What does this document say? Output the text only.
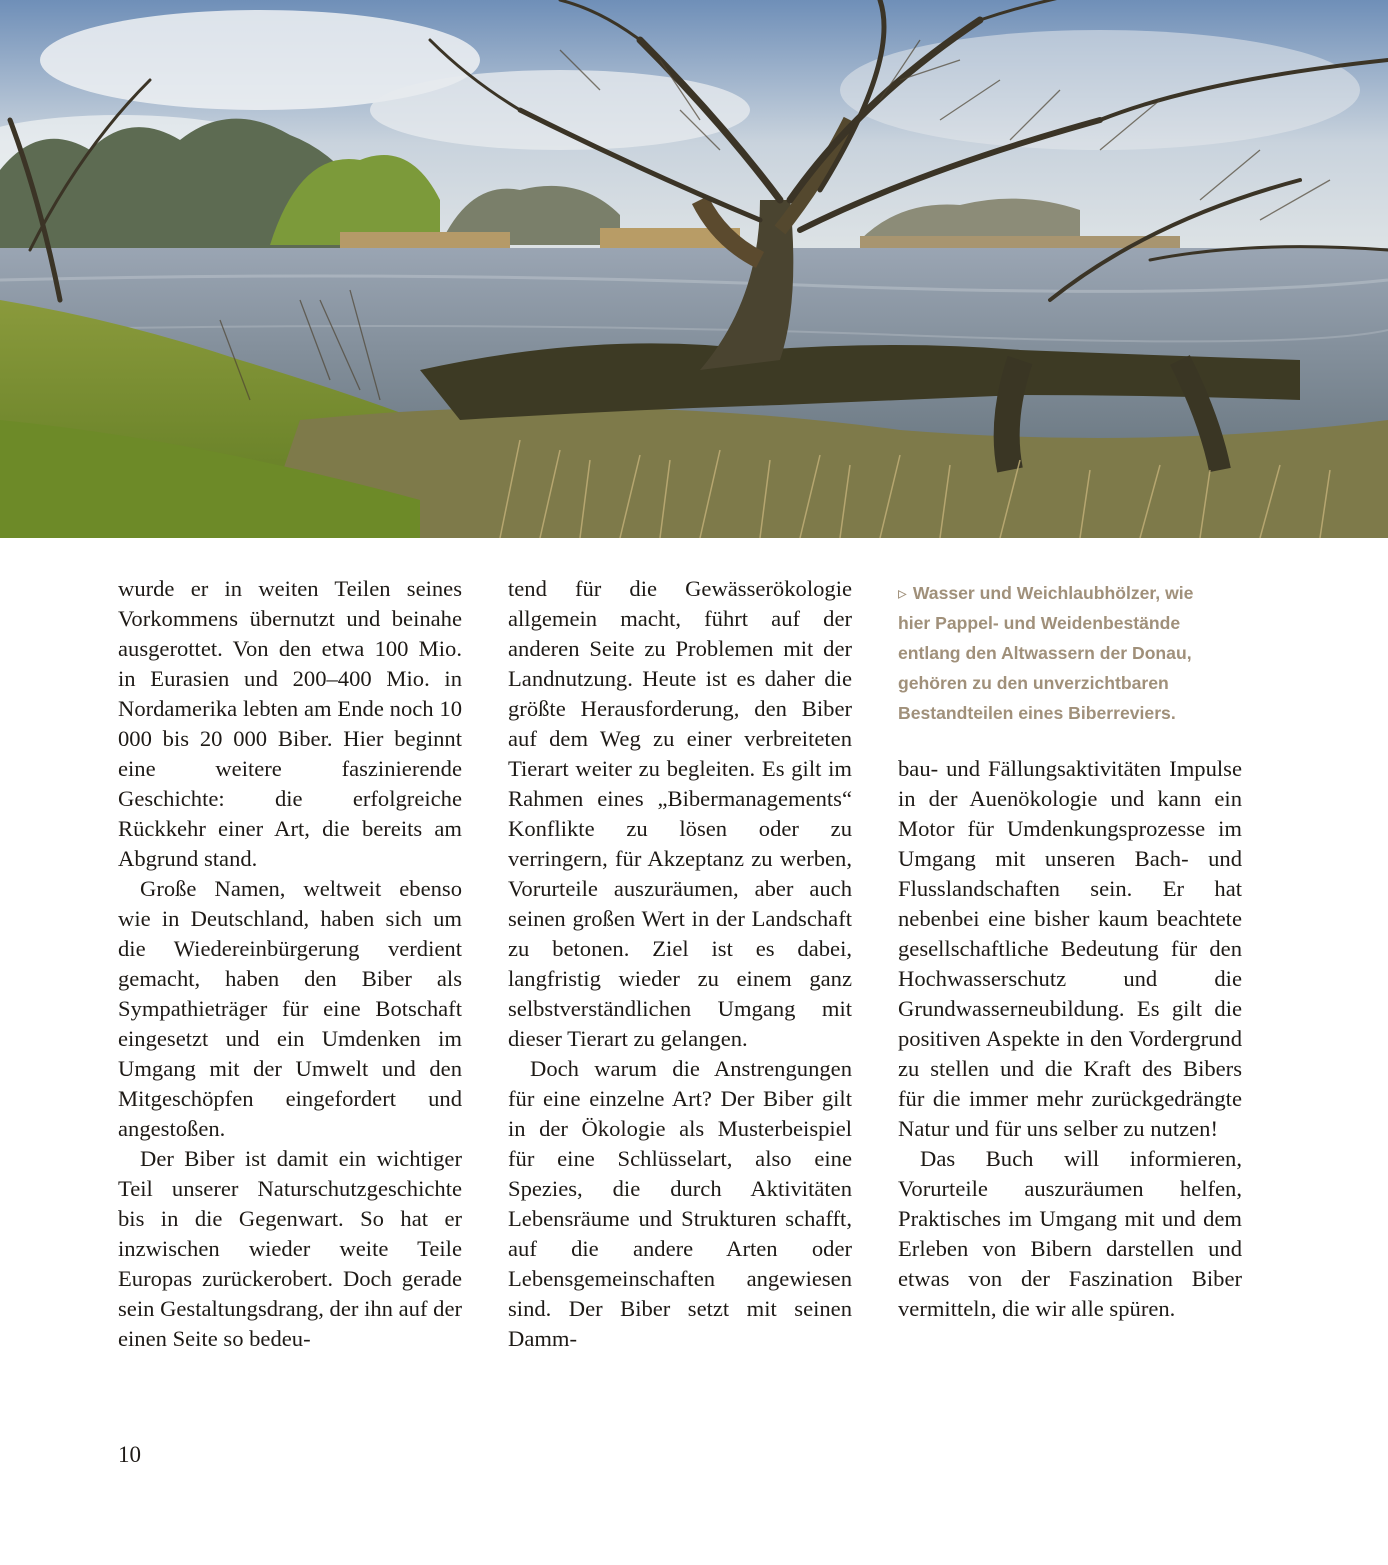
wurde er in weiten Teilen seines Vorkommens übernutzt und beinahe ausgerottet. Von den etwa 100 Mio. in Eurasien und 200–400 Mio. in Nordamerika lebten am Ende noch 10 000 bis 20 000 Biber. Hier beginnt eine weitere faszinierende Geschichte: die erfolgreiche Rückkehr einer Art, die bereits am Abgrund stand.

Große Namen, weltweit ebenso wie in Deutschland, haben sich um die Wiedereinbürgerung verdient gemacht, haben den Biber als Sympathieträger für eine Botschaft eingesetzt und ein Umdenken im Umgang mit der Umwelt und den Mitgeschöpfen eingefordert und angestoßen.

Der Biber ist damit ein wichtiger Teil unserer Naturschutzgeschichte bis in die Gegenwart. So hat er inzwischen wieder weite Teile Europas zurückerobert. Doch gerade sein Gestaltungsdrang, der ihn auf der einen Seite so bedeu-

tend für die Gewässerökologie allgemein macht, führt auf der anderen Seite zu Problemen mit der Landnutzung. Heute ist es daher die größte Herausforderung, den Biber auf dem Weg zu einer verbreiteten Tierart weiter zu begleiten. Es gilt im Rahmen eines „Bibermanagements“ Konflikte zu lösen oder zu verringern, für Akzeptanz zu werben, Vorurteile auszuräumen, aber auch seinen großen Wert in der Landschaft zu betonen. Ziel ist es dabei, langfristig wieder zu einem ganz selbstverständlichen Umgang mit dieser Tierart zu gelangen.

Doch warum die Anstrengungen für eine einzelne Art? Der Biber gilt in der Ökologie als Musterbeispiel für eine Schlüsselart, also eine Spezies, die durch Aktivitäten Lebensräume und Strukturen schafft, auf die andere Arten oder Lebensgemeinschaften angewiesen sind. Der Biber setzt mit seinen Damm-

▹ Wasser und Weichlaubhölzer, wie hier Pappel- und Weidenbestände entlang den Altwassern der Donau, gehören zu den unverzichtbaren Bestandteilen eines Biberreviers.

bau- und Fällungsaktivitäten Impulse in der Auenökologie und kann ein Motor für Umdenkungsprozesse im Umgang mit unseren Bach- und Flusslandschaften sein. Er hat nebenbei eine bisher kaum beachtete gesellschaftliche Bedeutung für den Hochwasserschutz und die Grundwasserneubildung. Es gilt die positiven Aspekte in den Vordergrund zu stellen und die Kraft des Bibers für die immer mehr zurückgedrängte Natur und für uns selber zu nutzen!

Das Buch will informieren, Vorurteile auszuräumen helfen, Praktisches im Umgang mit und dem Erleben von Bibern darstellen und etwas von der Faszination Biber vermitteln, die wir alle spüren.

10
